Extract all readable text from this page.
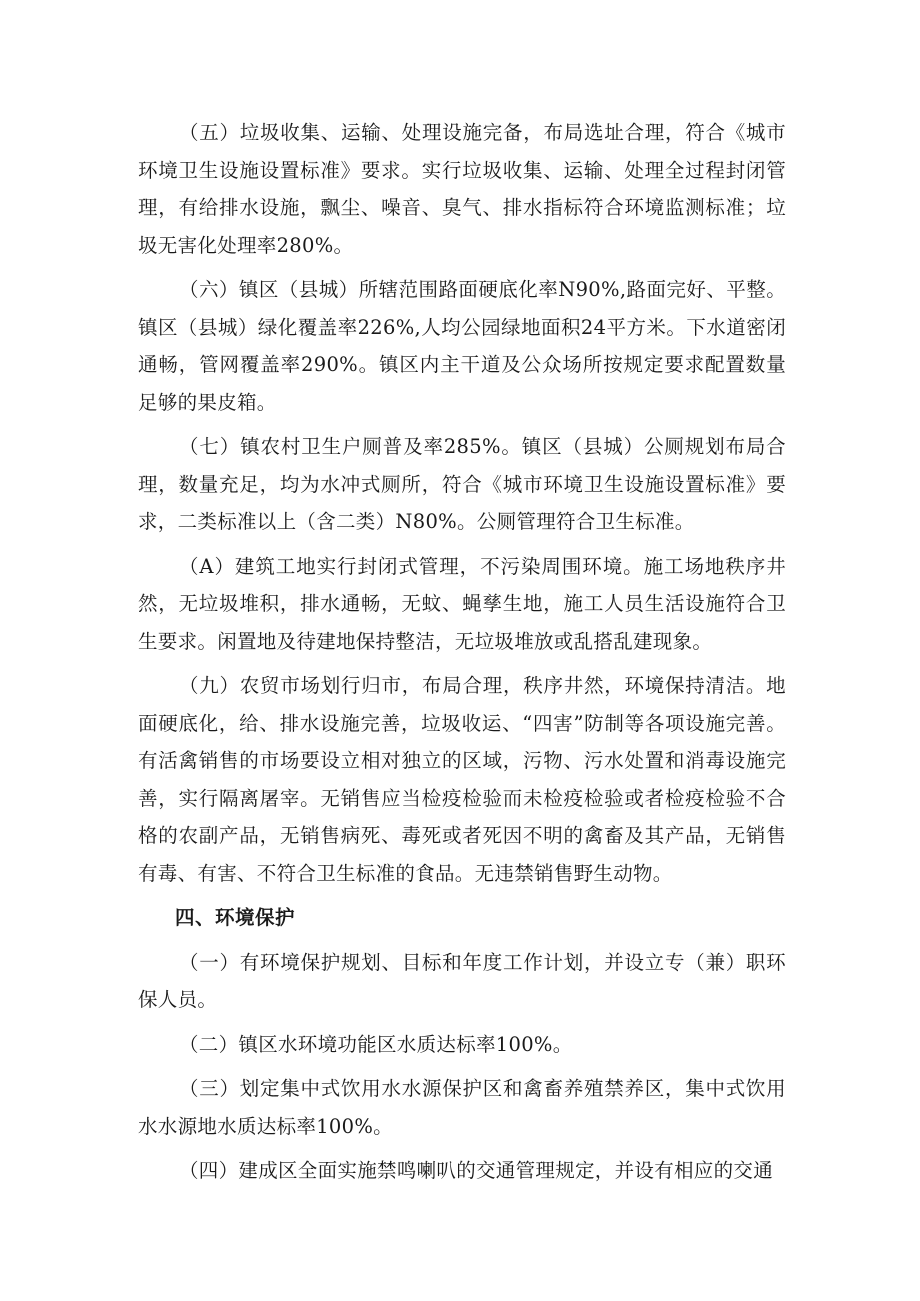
（五）垃圾收集、运输、处理设施完备，布局选址合理，符合《城市环境卫生设施设置标准》要求。实行垃圾收集、运输、处理全过程封闭管理，有给排水设施，飘尘、噪音、臭气、排水指标符合环境监测标准；垃圾无害化处理率280%。

（六）镇区（县城）所辖范围路面硬底化率N90%,路面完好、平整。镇区（县城）绿化覆盖率226%,人均公园绿地面积24平方米。下水道密闭通畅，管网覆盖率290%。镇区内主干道及公众场所按规定要求配置数量足够的果皮箱。

（七）镇农村卫生户厕普及率285%。镇区（县城）公厕规划布局合理，数量充足，均为水冲式厕所，符合《城市环境卫生设施设置标准》要求，二类标准以上（含二类）N80%。公厕管理符合卫生标准。

（A）建筑工地实行封闭式管理，不污染周围环境。施工场地秩序井然，无垃圾堆积，排水通畅，无蚊、蝇孳生地，施工人员生活设施符合卫生要求。闲置地及待建地保持整洁，无垃圾堆放或乱搭乱建现象。

（九）农贸市场划行归市，布局合理，秩序井然，环境保持清洁。地面硬底化，给、排水设施完善，垃圾收运、“四害”防制等各项设施完善。有活禽销售的市场要设立相对独立的区域，污物、污水处置和消毒设施完善，实行隔离屠宰。无销售应当检疫检验而未检疫检验或者检疫检验不合格的农副产品，无销售病死、毒死或者死因不明的禽畜及其产品，无销售有毒、有害、不符合卫生标准的食品。无违禁销售野生动物。

四、环境保护

（一）有环境保护规划、目标和年度工作计划，并设立专（兼）职环保人员。

（二）镇区水环境功能区水质达标率100%。

（三）划定集中式饮用水水源保护区和禽畜养殖禁养区，集中式饮用水水源地水质达标率100%。

（四）建成区全面实施禁鸣喇叭的交通管理规定，并设有相应的交通
